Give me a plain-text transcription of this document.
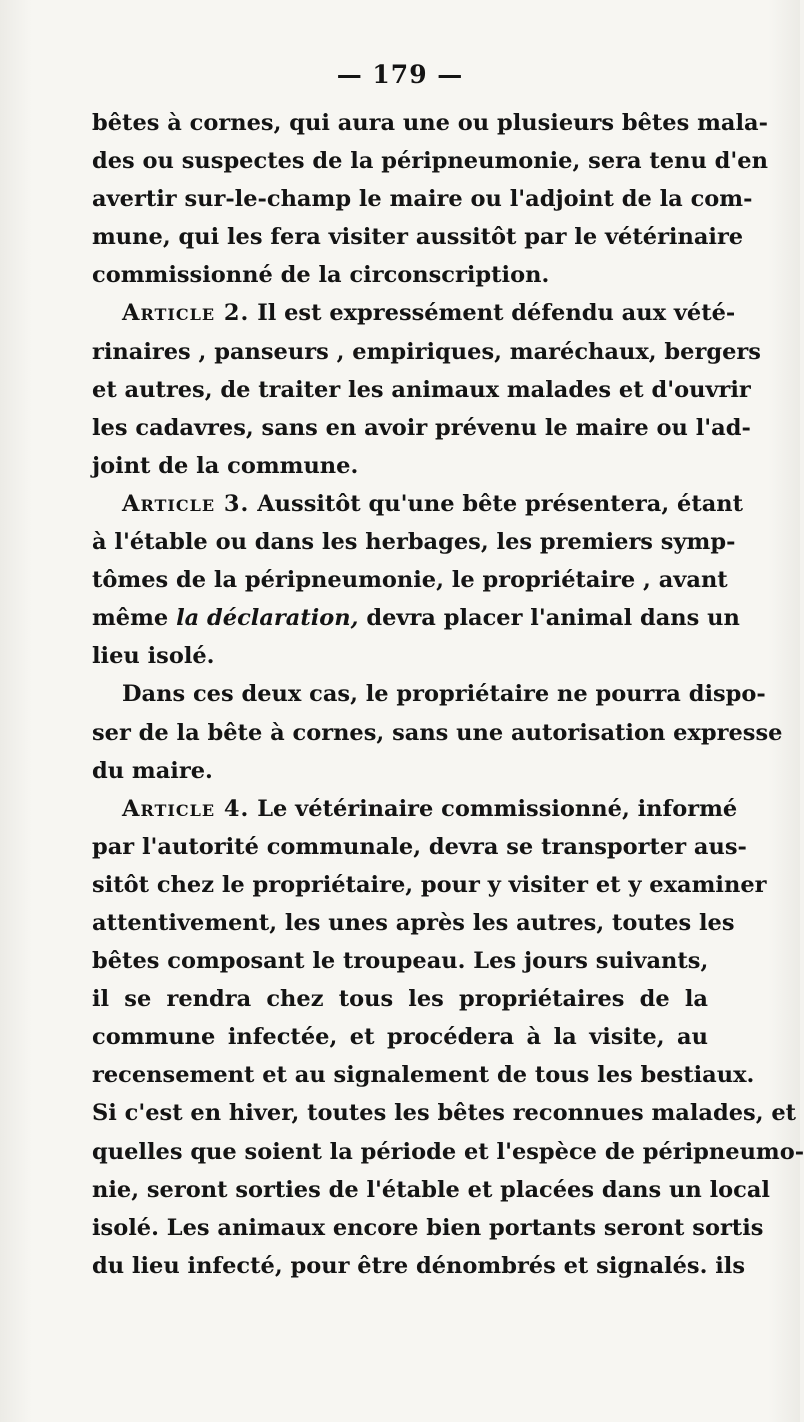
— 179 —
bêtes à cornes, qui aura une ou plusieurs bêtes mala-
des ou suspectes de la péripneumonie, sera tenu d'en
avertir sur-le-champ le maire ou l'adjoint de la com-
mune, qui les fera visiter aussitôt par le vétérinaire
commissionné de la circonscription.
Article 2. Il est expressément défendu aux vété-
rinaires , panseurs , empiriques, maréchaux, bergers
et autres, de traiter les animaux malades et d'ouvrir
les cadavres, sans en avoir prévenu le maire ou l'ad-
joint de la commune.
Article 3. Aussitôt qu'une bête présentera, étant
à l'étable ou dans les herbages, les premiers symp-
tômes de la péripneumonie, le propriétaire , avant
même la déclaration, devra placer l'animal dans un
lieu isolé.
Dans ces deux cas, le propriétaire ne pourra dispo-
ser de la bête à cornes, sans une autorisation expresse
du maire.
Article 4. Le vétérinaire commissionné, informé
par l'autorité communale, devra se transporter aus-
sitôt chez le propriétaire, pour y visiter et y examiner
attentivement, les unes après les autres, toutes les
bêtes composant le troupeau. Les jours suivants,
il se rendra chez tous les propriétaires de la
commune infectée, et procédera à la visite, au
recensement et au signalement de tous les bestiaux.
Si c'est en hiver, toutes les bêtes reconnues malades, et
quelles que soient la période et l'espèce de péripneumo-
nie, seront sorties de l'étable et placées dans un local
isolé. Les animaux encore bien portants seront sortis
du lieu infecté, pour être dénombrés et signalés. ils
